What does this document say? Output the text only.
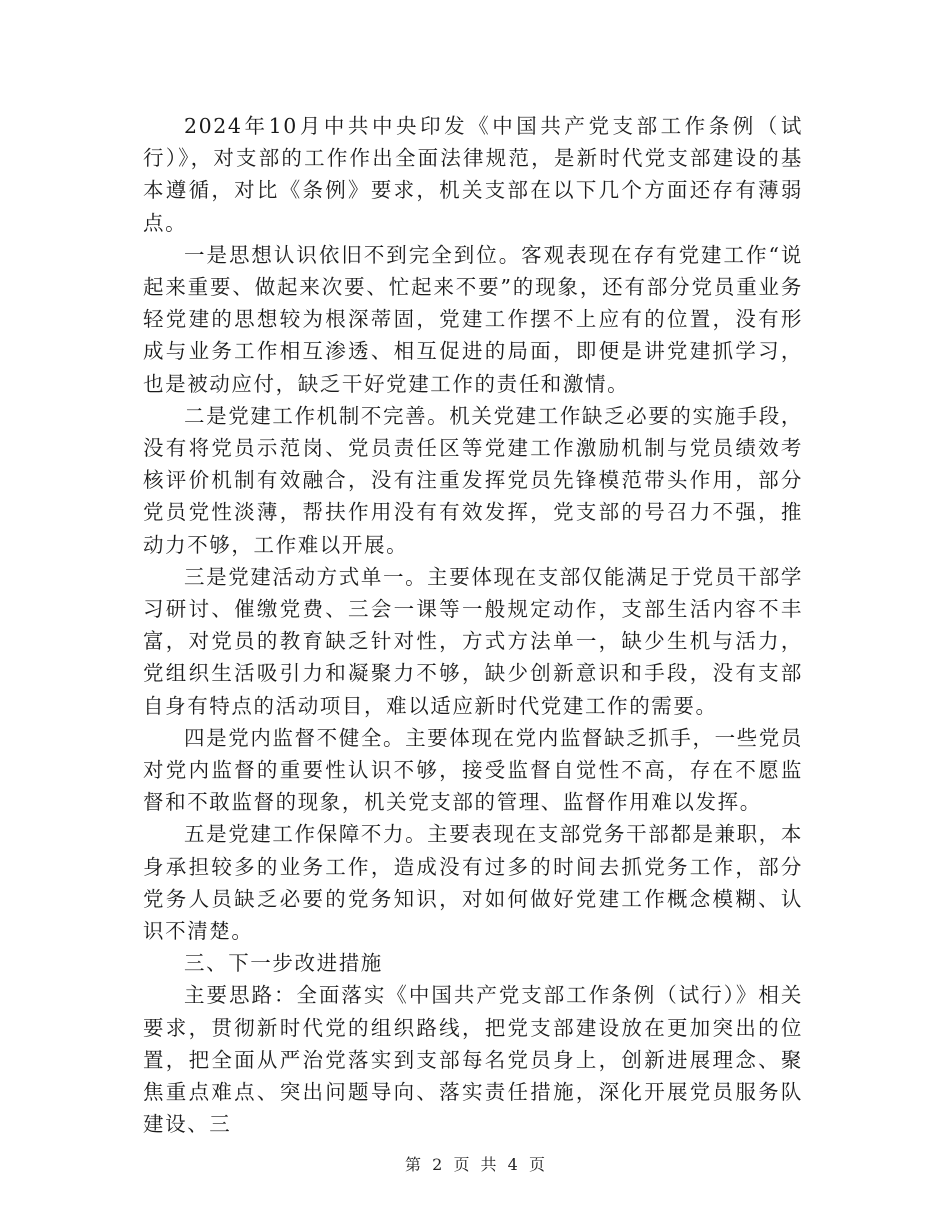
2024年10月中共中央印发《中国共产党支部工作条例（试行）》，对支部的工作作出全面法律规范，是新时代党支部建设的基本遵循，对比《条例》要求，机关支部在以下几个方面还存有薄弱点。

一是思想认识依旧不到完全到位。客观表现在存有党建工作“说起来重要、做起来次要、忙起来不要”的现象，还有部分党员重业务轻党建的思想较为根深蒂固，党建工作摆不上应有的位置，没有形成与业务工作相互渗透、相互促进的局面，即便是讲党建抓学习，也是被动应付，缺乏干好党建工作的责任和激情。

二是党建工作机制不完善。机关党建工作缺乏必要的实施手段，没有将党员示范岗、党员责任区等党建工作激励机制与党员绩效考核评价机制有效融合，没有注重发挥党员先锋模范带头作用，部分党员党性淡薄，帮扶作用没有有效发挥，党支部的号召力不强，推动力不够，工作难以开展。

三是党建活动方式单一。主要体现在支部仅能满足于党员干部学习研讨、催缴党费、三会一课等一般规定动作，支部生活内容不丰富，对党员的教育缺乏针对性，方式方法单一，缺少生机与活力，党组织生活吸引力和凝聚力不够，缺少创新意识和手段，没有支部自身有特点的活动项目，难以适应新时代党建工作的需要。

四是党内监督不健全。主要体现在党内监督缺乏抓手，一些党员对党内监督的重要性认识不够，接受监督自觉性不高，存在不愿监督和不敢监督的现象，机关党支部的管理、监督作用难以发挥。

五是党建工作保障不力。主要表现在支部党务干部都是兼职，本身承担较多的业务工作，造成没有过多的时间去抓党务工作，部分党务人员缺乏必要的党务知识，对如何做好党建工作概念模糊、认识不清楚。

三、下一步改进措施

主要思路：全面落实《中国共产党支部工作条例（试行）》相关要求，贯彻新时代党的组织路线，把党支部建设放在更加突出的位置，把全面从严治党落实到支部每名党员身上，创新进展理念、聚焦重点难点、突出问题导向、落实责任措施，深化开展党员服务队建设、三

第 2 页 共 4 页
